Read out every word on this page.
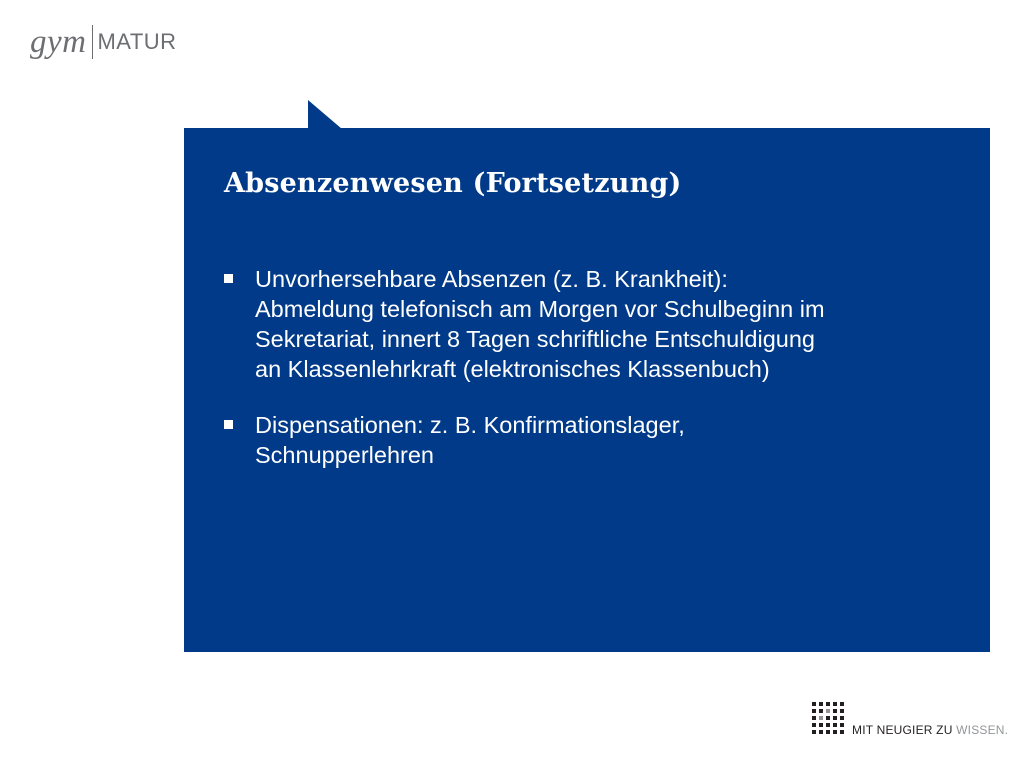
gym MATUR
Absenzenwesen (Fortsetzung)
Unvorhersehbare Absenzen (z. B. Krankheit):
Abmeldung telefonisch am Morgen vor Schulbeginn im
Sekretariat, innert 8 Tagen schriftliche Entschuldigung
an Klassenlehrkraft (elektronisches Klassenbuch)
Dispensationen: z. B. Konfirmationslager,
Schnupperlehren
MIT NEUGIER ZU WISSEN.
